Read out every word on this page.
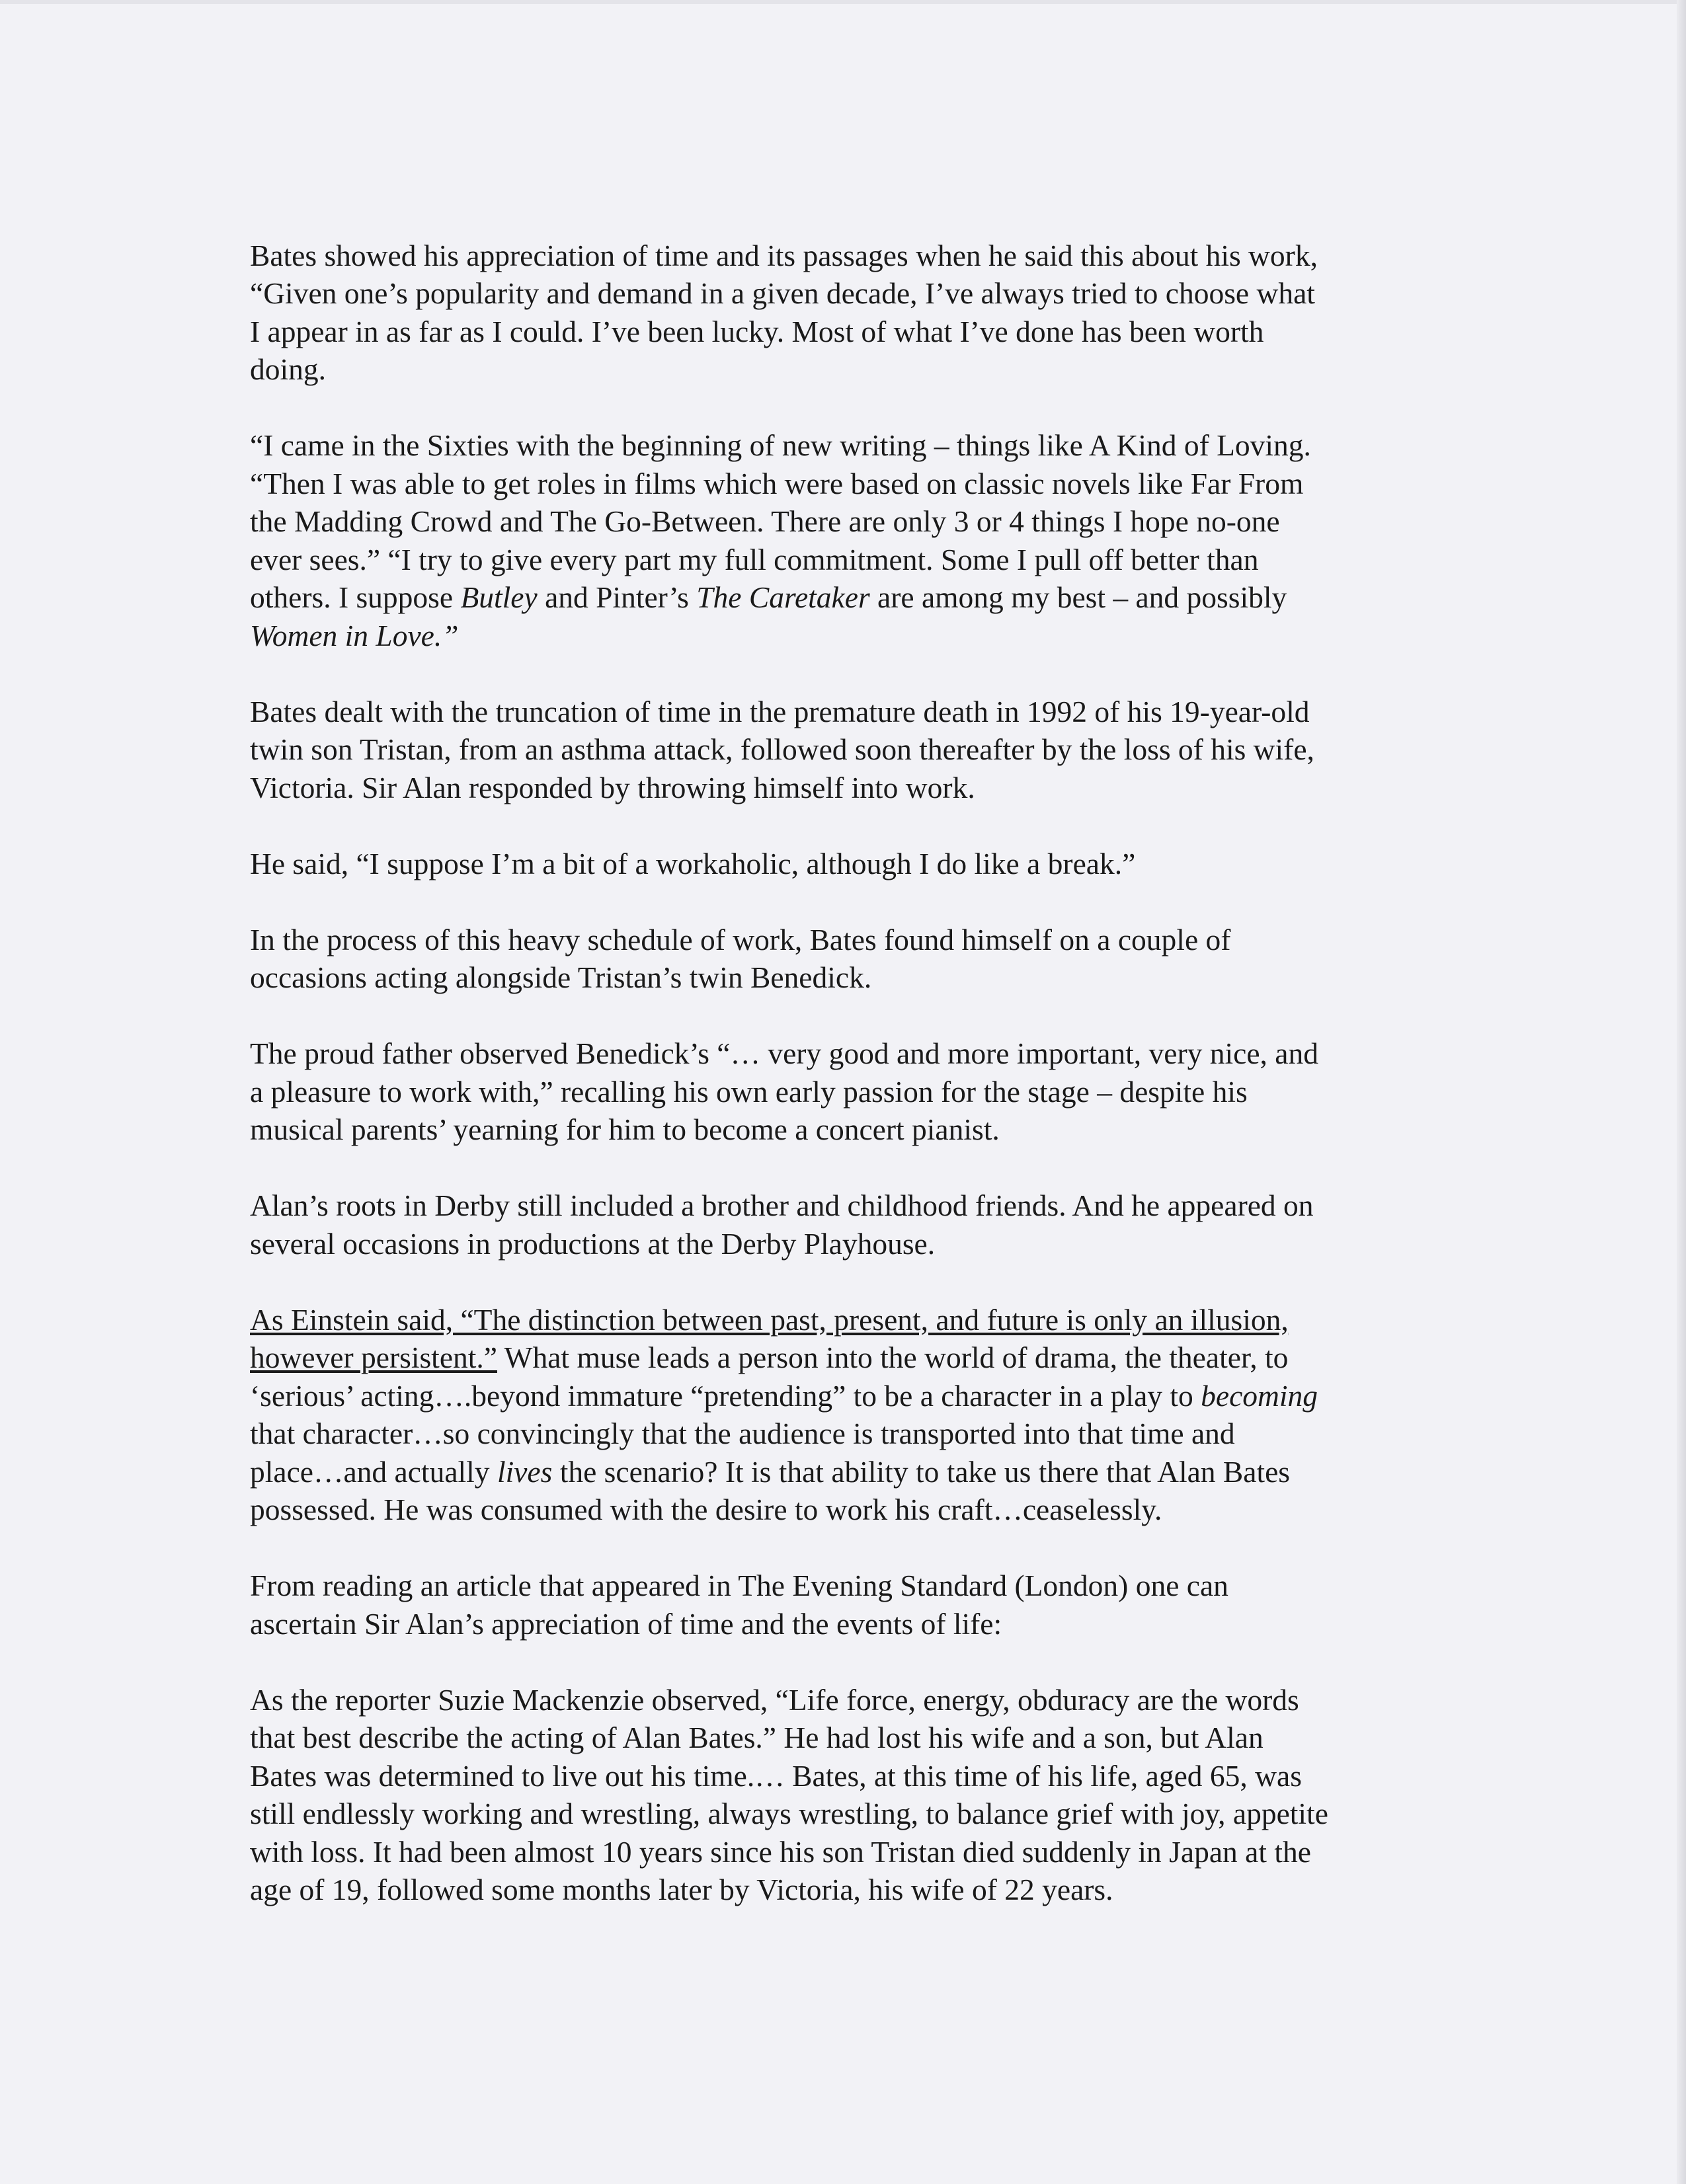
Bates showed his appreciation of time and its passages when he said this about his work,
“Given one’s popularity and demand in a given decade, I’ve always tried to choose what
I appear in as far as I could. I’ve been lucky. Most of what I’ve done has been worth
doing.

“I came in the Sixties with the beginning of new writing – things like A Kind of Loving.
“Then I was able to get roles in films which were based on classic novels like Far From
the Madding Crowd and The Go-Between. There are only 3 or 4 things I hope no-one
ever sees.” “I try to give every part my full commitment. Some I pull off better than
others. I suppose Butley and Pinter’s The Caretaker are among my best – and possibly
Women in Love.”

Bates dealt with the truncation of time in the premature death in 1992 of his 19-year-old
twin son Tristan, from an asthma attack, followed soon thereafter by the loss of his wife,
Victoria. Sir Alan responded by throwing himself into work.

He said, “I suppose I’m a bit of a workaholic, although I do like a break.”

In the process of this heavy schedule of work, Bates found himself on a couple of
occasions acting alongside Tristan’s twin Benedick.

The proud father observed Benedick’s “… very good and more important, very nice, and
a pleasure to work with,” recalling his own early passion for the stage – despite his
musical parents’ yearning for him to become a concert pianist.

Alan’s roots in Derby still included a brother and childhood friends. And he appeared on
several occasions in productions at the Derby Playhouse.

As Einstein said, “The distinction between past, present, and future is only an illusion,
however persistent.” What muse leads a person into the world of drama, the theater, to
‘serious’ acting….beyond immature “pretending” to be a character in a play to becoming
that character…so convincingly that the audience is transported into that time and
place…and actually lives the scenario? It is that ability to take us there that Alan Bates
possessed. He was consumed with the desire to work his craft…ceaselessly.

From reading an article that appeared in The Evening Standard (London) one can
ascertain Sir Alan’s appreciation of time and the events of life:

As the reporter Suzie Mackenzie observed, “Life force, energy, obduracy are the words
that best describe the acting of Alan Bates.” He had lost his wife and a son, but Alan
Bates was determined to live out his time.… Bates, at this time of his life, aged 65, was
still endlessly working and wrestling, always wrestling, to balance grief with joy, appetite
with loss. It had been almost 10 years since his son Tristan died suddenly in Japan at the
age of 19, followed some months later by Victoria, his wife of 22 years.
